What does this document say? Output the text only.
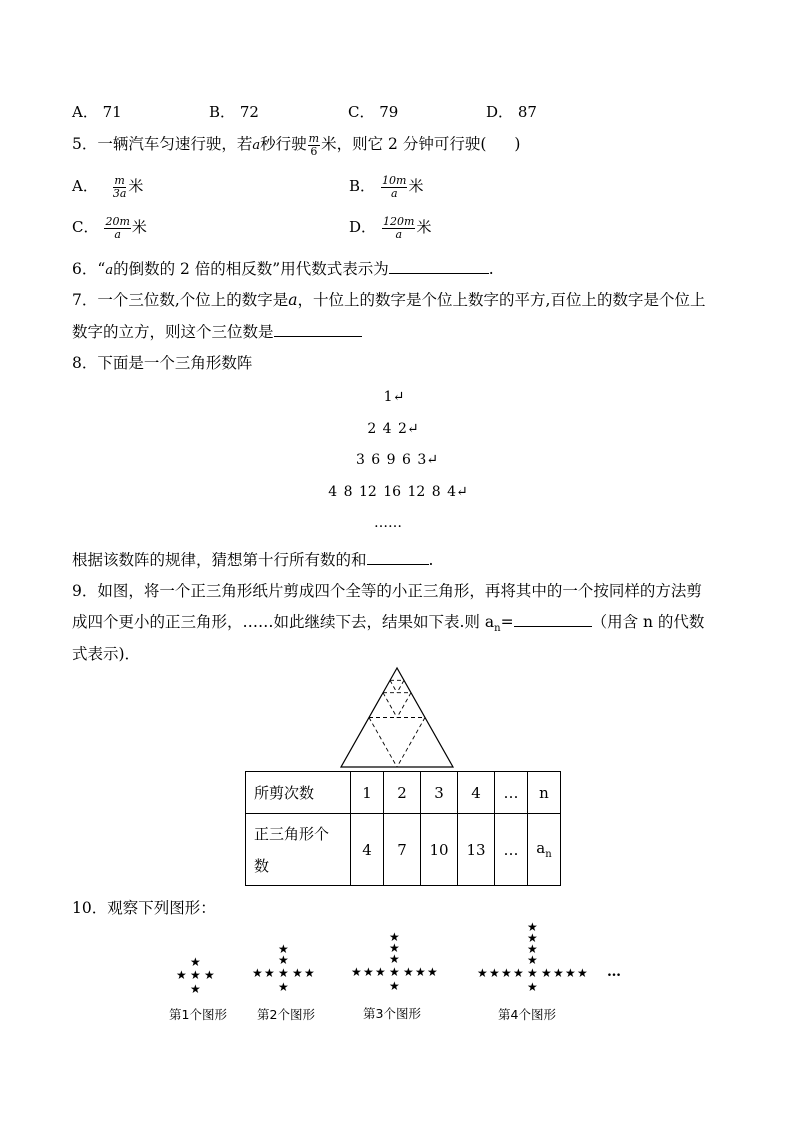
A． 71	B． 72	C． 79	D． 87
5．一辆汽车匀速行驶，若a秒行驶 $\frac{m}{6}$ 米，则它 2 分钟可行驶( )
A． $\frac{m}{3a}$ 米	B． $\frac{10m}{a}$ 米
C． $\frac{20m}{a}$ 米	D． $\frac{120m}{a}$ 米
6．“a的倒数的 2 倍的相反数”用代数式表示为	.
7．一个三位数,个位上的数字是a，十位上的数字是个位上数字的平方,百位上的数字是个位上
数字的立方，则这个三位数是
8．下面是一个三角形数阵
1↵
2 4 2↵
3 6 9 6 3↵
4 8 12 16 12 8 4↵
……
根据该数阵的规律，猜想第十行所有数的和	.
9．如图，将一个正三角形纸片剪成四个全等的小正三角形，再将其中的一个按同样的方法剪
成四个更小的正三角形，……如此继续下去，结果如下表.则 $a_n=$	（用含 n 的代数
式表示)．
所剪次数	1	2	3	4	…	n
正三角形个
数	4	7	10	13	…	$a_n$
10．观察下列图形：
★
★
★
★ ★	★
★
★
★ ★
★
★	★	★
★
★
★ ★
★
★	★
★
★	★	★
★
★
★ ★
★
★	★
★
★	★
★
★	★ …
第1个图形 第2个图形	第3个图形	第4个图形
